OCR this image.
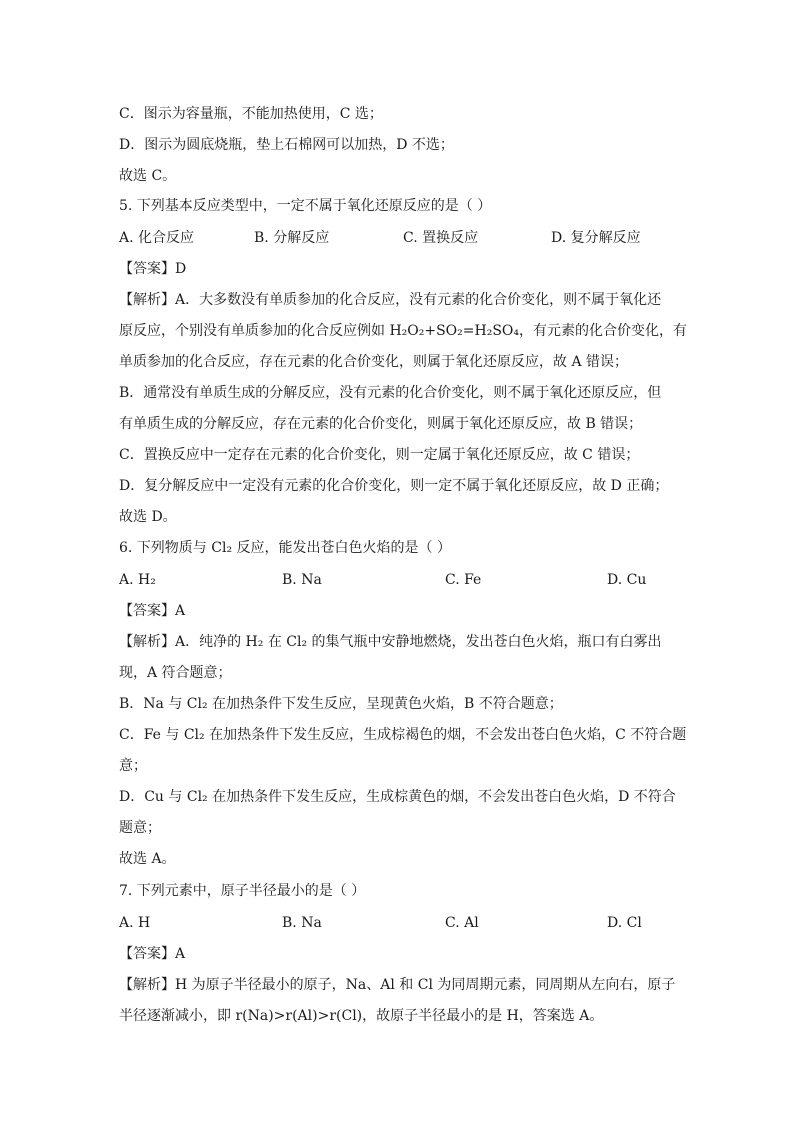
C．图示为容量瓶，不能加热使用，C 选；
D．图示为圆底烧瓶，垫上石棉网可以加热，D 不选；
故选 C。
5. 下列基本反应类型中，一定不属于氧化还原反应的是（ ）
A. 化合反应	B. 分解反应	C. 置换反应	D. 复分解反应
【答案】D
【解析】A．大多数没有单质参加的化合反应，没有元素的化合价变化，则不属于氧化还
原反应，个别没有单质参加的化合反应例如 H₂O₂+SO₂=H₂SO₄，有元素的化合价变化，有
单质参加的化合反应，存在元素的化合价变化，则属于氧化还原反应，故 A 错误；
B．通常没有单质生成的分解反应，没有元素的化合价变化，则不属于氧化还原反应，但
有单质生成的分解反应，存在元素的化合价变化，则属于氧化还原反应，故 B 错误；
C．置换反应中一定存在元素的化合价变化，则一定属于氧化还原反应，故 C 错误；
D．复分解反应中一定没有元素的化合价变化，则一定不属于氧化还原反应，故 D 正确；
故选 D。
6. 下列物质与 Cl₂ 反应，能发出苍白色火焰的是（ ）
A. H₂	B. Na	C. Fe	D. Cu
【答案】A
【解析】A．纯净的 H₂ 在 Cl₂ 的集气瓶中安静地燃烧，发出苍白色火焰，瓶口有白雾出
现，A 符合题意；
B．Na 与 Cl₂ 在加热条件下发生反应，呈现黄色火焰，B 不符合题意；
C．Fe 与 Cl₂ 在加热条件下发生反应，生成棕褐色的烟，不会发出苍白色火焰，C 不符合题
意；
D．Cu 与 Cl₂ 在加热条件下发生反应，生成棕黄色的烟，不会发出苍白色火焰，D 不符合
题意；
故选 A。
7. 下列元素中，原子半径最小的是（ ）
A. H	B. Na	C. Al	D. Cl
【答案】A
【解析】H 为原子半径最小的原子，Na、Al 和 Cl 为同周期元素，同周期从左向右，原子
半径逐渐减小，即 r(Na)>r(Al)>r(Cl)，故原子半径最小的是 H，答案选 A。
